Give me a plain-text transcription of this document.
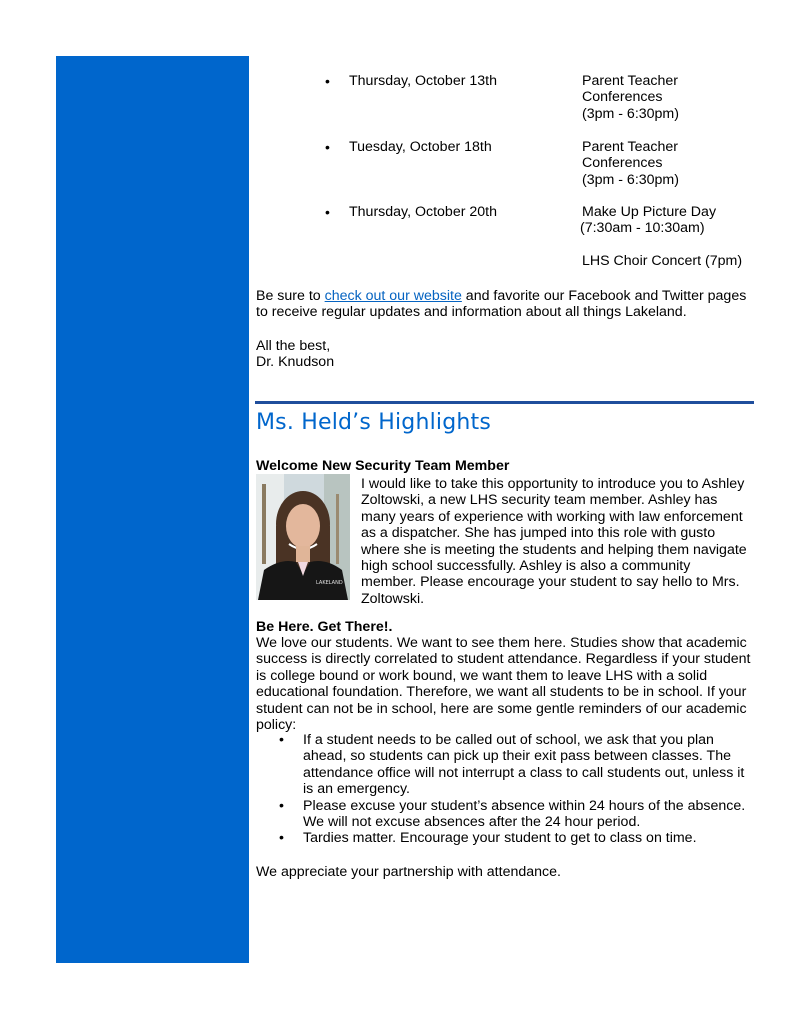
• Thursday, October 13th	Parent Teacher
Conferences
(3pm - 6:30pm)
• Tuesday, October 18th	Parent Teacher
Conferences
(3pm - 6:30pm)
• Thursday, October 20th	Make Up Picture Day
(7:30am - 10:30am)

LHS Choir Concert (7pm)

Be sure to check out our website and favorite our Facebook and Twitter pages
to receive regular updates and information about all things Lakeland.
All the best,
Dr. Knudson
Ms. Held’s Highlights

Welcome New Security Team Member

LAKELAND
I would like to take this opportunity to introduce you to Ashley
Zoltowski, a new LHS security team member. Ashley has
many years of experience with working with law enforcement
as a dispatcher. She has jumped into this role with gusto
where she is meeting the students and helping them navigate
high school successfully. Ashley is also a community
member. Please encourage your student to say hello to Mrs.
Zoltowski.

Be Here. Get There!.

We love our students. We want to see them here. Studies show that academic
success is directly correlated to student attendance. Regardless if your student
is college bound or work bound, we want them to leave LHS with a solid
educational foundation. Therefore, we want all students to be in school. If your
student can not be in school, here are some gentle reminders of our academic
policy:
• If a student needs to be called out of school, we ask that you plan
ahead, so students can pick up their exit pass between classes. The
attendance office will not interrupt a class to call students out, unless it
is an emergency.
• Please excuse your student’s absence within 24 hours of the absence.
We will not excuse absences after the 24 hour period.
• Tardies matter. Encourage your student to get to class on time.

We appreciate your partnership with attendance.
